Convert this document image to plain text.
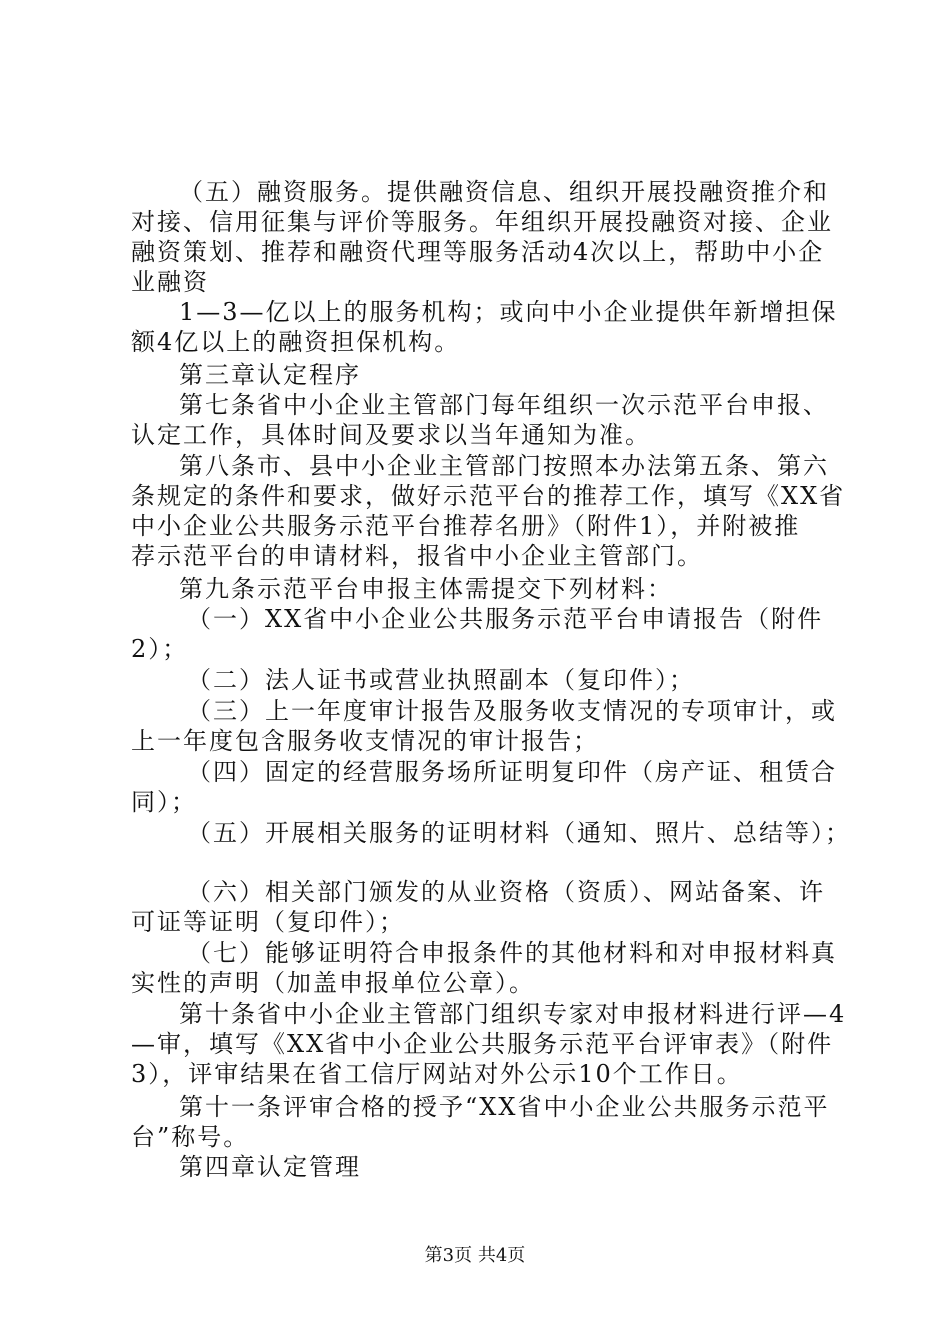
（五）融资服务。提供融资信息、组织开展投融资推介和
对接、信用征集与评价等服务。年组织开展投融资对接、企业
融资策划、推荐和融资代理等服务活动4次以上，帮助中小企
业融资
1—3—亿以上的服务机构；或向中小企业提供年新增担保
额4亿以上的融资担保机构。
第三章认定程序
第七条省中小企业主管部门每年组织一次示范平台申报、
认定工作，具体时间及要求以当年通知为准。
第八条市、县中小企业主管部门按照本办法第五条、第六
条规定的条件和要求，做好示范平台的推荐工作，填写《XX省
中小企业公共服务示范平台推荐名册》（附件1），并附被推
荐示范平台的申请材料，报省中小企业主管部门。
第九条示范平台申报主体需提交下列材料：
（一）XX省中小企业公共服务示范平台申请报告（附件
2）；
（二）法人证书或营业执照副本（复印件）；
（三）上一年度审计报告及服务收支情况的专项审计，或
上一年度包含服务收支情况的审计报告；
（四）固定的经营服务场所证明复印件（房产证、租赁合
同）；
（五）开展相关服务的证明材料（通知、照片、总结等）；
（六）相关部门颁发的从业资格（资质）、网站备案、许
可证等证明（复印件）；
（七）能够证明符合申报条件的其他材料和对申报材料真
实性的声明（加盖申报单位公章）。
第十条省中小企业主管部门组织专家对申报材料进行评—4
—审，填写《XX省中小企业公共服务示范平台评审表》（附件
3），评审结果在省工信厅网站对外公示10个工作日。
第十一条评审合格的授予“XX省中小企业公共服务示范平
台”称号。
第四章认定管理
第3页 共4页
